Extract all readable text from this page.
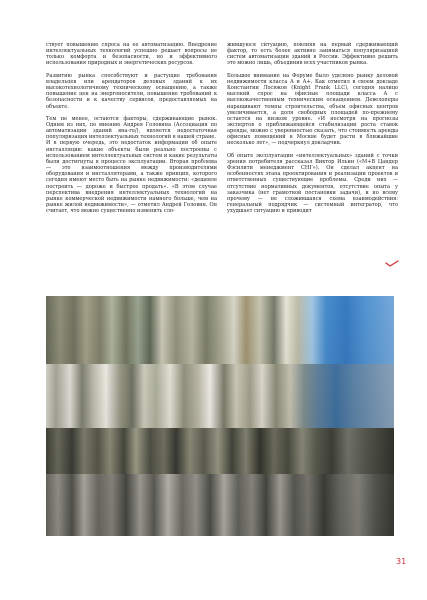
ствует повышению спроса на ее автоматизацию. Внедрение интеллектуальных технологий успешно решает вопросы не только комфорта и безопасности, но и эффективного использования природных и энергетических ресурсов.

Развитию рынка способствуют и растущие требования владельцев или арендаторов деловых зданий к их высокотехнологичному техническому оснащению, а также повышение цен на энергоносители, повышение требований к безопасности и к качеству сервисов, предоставляемых на объекте.

Тем не менее, остаются факторы, сдерживающие рынок. Одним из них, по мнению Андрея Головина (Ассоциация по автоматизации зданий вна-ru/), является недостаточная популяризация интеллектуальных технологий в нашей стране.

И в первую очередь, это недостаток информации об опыте инсталляции: какие объекты были реально построены с использованием интеллектуальных систем и какие результаты были достигнуты в процессе эксплуатации. Вторая проблема — это взаимоотношения между производителями оборудования и инсталляторами, а также принцип, которого сегодня имеют место быть на рынке недвижимости: «дешевле построить — дороже и быстрее продать». «В этом случае перспектива внедрения интеллектуальных технологий на рынке коммерческой недвижимости намного больше, чем на рынке жилой недвижимости», — отметил Андрей Головин. Он считает, что можно существенно изменить сло-

жившуюся ситуацию, повлияв на первый сдерживающий фактор, то есть более активно заниматься популяризацией систем автоматизации зданий в России. Эффективно решить это можно лишь, объединив всех участников рынка.

Большое внимание на Форуме было уделено рынку деловой недвижимости класса А и А+. Как отметил в своем докладе Константин Лосюков (Knight Frank LLC), сегодня налицо высокий спрос на офисные площади класса А с высококачественным техническим оснащением. Девелоперы наращивают темпы строительства, объем офисных центров увеличивается, а доля свободных площадей по-прежнему остается на низком уровне. «И несмотря на прогнозы экспертов о приближающейся стабилизации роста ставок аренды, можно с уверенностью сказать, что стоимость аренды офисных помещений в Москве будет расти в ближайшие несколько лет», — подчеркнул докладчик.

Об опыте эксплуатации «интеллектуальных» зданий с точки зрения потребителя рассказал Виктор Ильин («М+В Цандер Фэсилити менеджмент СНГ»). Он сделал акцент на особенностях этапа проектирования и реализации проектов и ответственных существующие проблемы. Среди них — отсутствие нормативных документов, отсутствие опыта у заказчика (нет грамотной постановки задачи), и но всему прочему — не сложившаяся схема взаимодействия: генеральный подрядчик — системный интегратор, что ухудшает ситуацию и приводит

31
